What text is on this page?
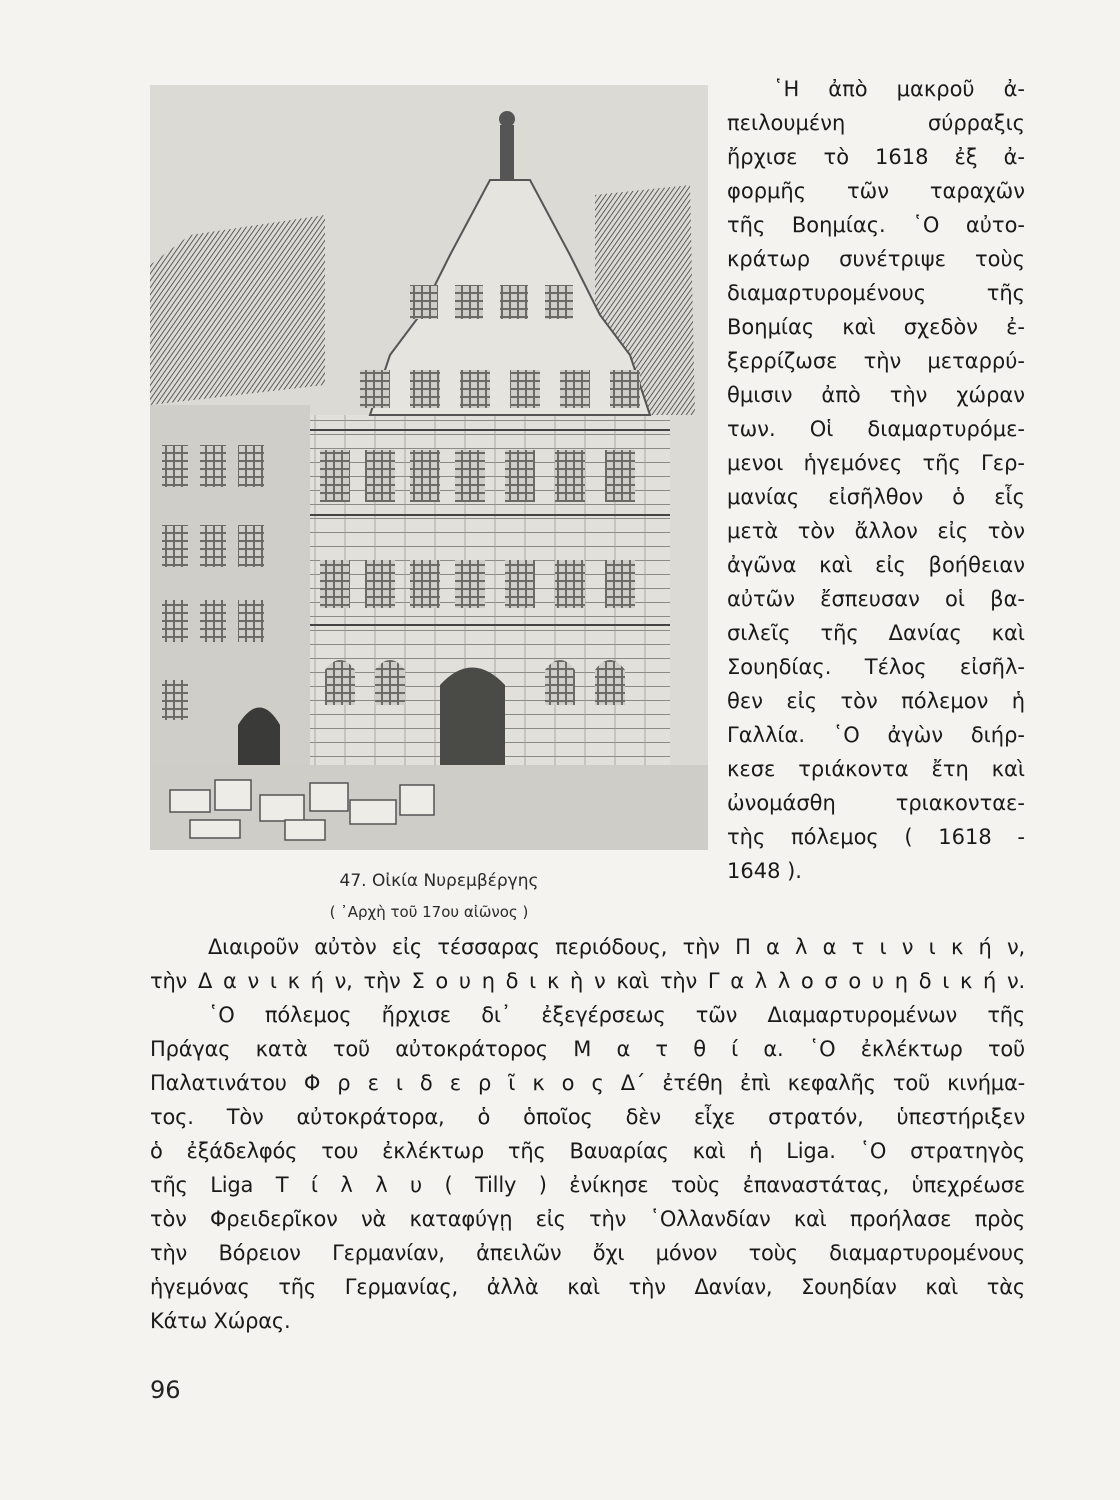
47. Οἰκία Νυρεμβέργης
( ᾿Αρχὴ τοῦ 17ου αἰῶνος )
῾Η ἀπὸ μακροῦ ἀ-
πειλουμένη σύρραξις
ἤρχισε τὸ 1618 ἐξ ἀ-
φορμῆς τῶν ταραχῶν
τῆς Βοημίας. ῾Ο αὐτο-
κράτωρ συνέτριψε τοὺς
διαμαρτυρομένους τῆς
Βοημίας καὶ σχεδὸν ἐ-
ξερρίζωσε τὴν μεταρρύ-
θμισιν ἀπὸ τὴν χώραν
των. Οἱ διαμαρτυρόμε-
μενοι ἡγεμόνες τῆς Γερ-
μανίας εἰσῆλθον ὁ εἷς
μετὰ τὸν ἄλλον εἰς τὸν
ἀγῶνα καὶ εἰς βοήθειαν
αὐτῶν ἔσπευσαν οἱ βα-
σιλεῖς τῆς Δανίας καὶ
Σουηδίας. Τέλος εἰσῆλ-
θεν εἰς τὸν πόλεμον ἡ
Γαλλία. ῾Ο ἀγὼν διήρ-
κεσε τριάκοντα ἔτη καὶ
ὠνομάσθη τριακονταε-
τὴς πόλεμος ( 1618 -
1648 ).
Διαιροῦν αὐτὸν εἰς τέσσαρας περιόδους, τὴν Π α λ α τ ι ν ι κ ή ν,
τὴν Δ α ν ι κ ή ν, τὴν Σ ο υ η δ ι κ ὴ ν καὶ τὴν Γ α λ λ ο σ ο υ η δ ι κ ή ν.
῾Ο πόλεμος ἤρχισε δι᾿ ἐξεγέρσεως τῶν Διαμαρτυρομένων τῆς
Πράγας κατὰ τοῦ αὐτοκράτορος Μ α τ θ ί α. ῾Ο ἐκλέκτωρ τοῦ
Παλατινάτου Φ ρ ε ι δ ε ρ ῖ κ ο ς Δ΄ ἐτέθη ἐπὶ κεφαλῆς τοῦ κινήμα-
τος. Τὸν αὐτοκράτορα, ὁ ὁποῖος δὲν εἶχε στρατόν, ὑπεστήριξεν
ὁ ἐξάδελφός του ἐκλέκτωρ τῆς Βαυαρίας καὶ ἡ Liga. ῾Ο στρατηγὸς
τῆς Liga Τ ί λ λ υ ( Tilly ) ἐνίκησε τοὺς ἐπαναστάτας, ὑπεχρέωσε
τὸν Φρειδερῖκον νὰ καταφύγῃ εἰς τὴν ῾Ολλανδίαν καὶ προήλασε πρὸς
τὴν Βόρειον Γερμανίαν, ἀπειλῶν ὄχι μόνον τοὺς διαμαρτυρομένους
ἡγεμόνας τῆς Γερμανίας, ἀλλὰ καὶ τὴν Δανίαν, Σουηδίαν καὶ τὰς
Κάτω Χώρας.
96
